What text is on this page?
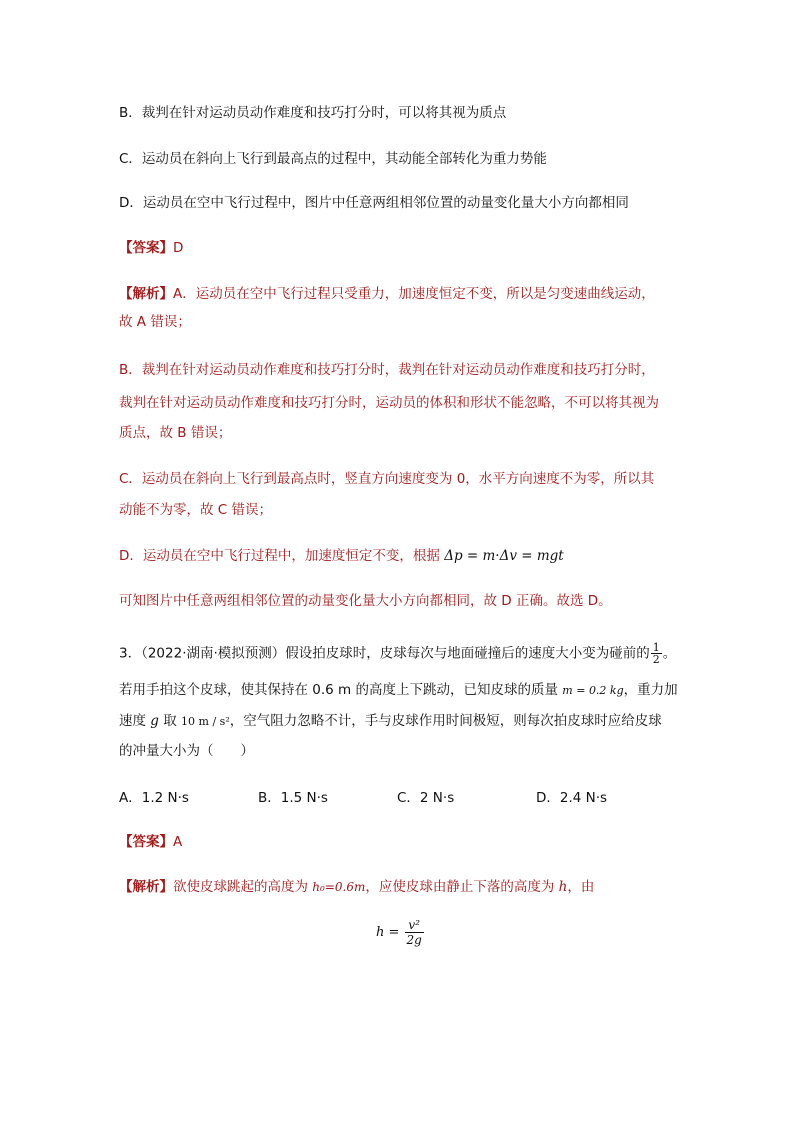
B．裁判在针对运动员动作难度和技巧打分时，可以将其视为质点
C．运动员在斜向上飞行到最高点的过程中，其动能全部转化为重力势能
D．运动员在空中飞行过程中，图片中任意两组相邻位置的动量变化量大小方向都相同
【答案】D
【解析】A．运动员在空中飞行过程只受重力，加速度恒定不变，所以是匀变速曲线运动，
故 A 错误；
B．裁判在针对运动员动作难度和技巧打分时，裁判在针对运动员动作难度和技巧打分时，
裁判在针对运动员动作难度和技巧打分时，运动员的体积和形状不能忽略，不可以将其视为
质点，故 B 错误；
C．运动员在斜向上飞行到最高点时，竖直方向速度变为 0，水平方向速度不为零，所以其
动能不为零，故 C 错误；
D．运动员在空中飞行过程中，加速度恒定不变，根据 Δp = m·Δv = mgt
可知图片中任意两组相邻位置的动量变化量大小方向都相同，故 D 正确。故选 D。
3．（2022·湖南·模拟预测）假设拍皮球时，皮球每次与地面碰撞后的速度大小变为碰前的 $\frac{1}{2}$ 。
若用手拍这个皮球，使其保持在 0.6 m 的高度上下跳动，已知皮球的质量 m = 0.2 kg，重力加
速度 g 取 10 m / s²，空气阻力忽略不计，手与皮球作用时间极短，则每次拍皮球时应给皮球
的冲量大小为（　　）
A．1.2 N·s	B．1.5 N·s	C．2 N·s	D．2.4 N·s
【答案】A
【解析】欲使皮球跳起的高度为 h₀=0.6m，应使皮球由静止下落的高度为 h，由
$h = \frac{\text{v²}}{2g}$
